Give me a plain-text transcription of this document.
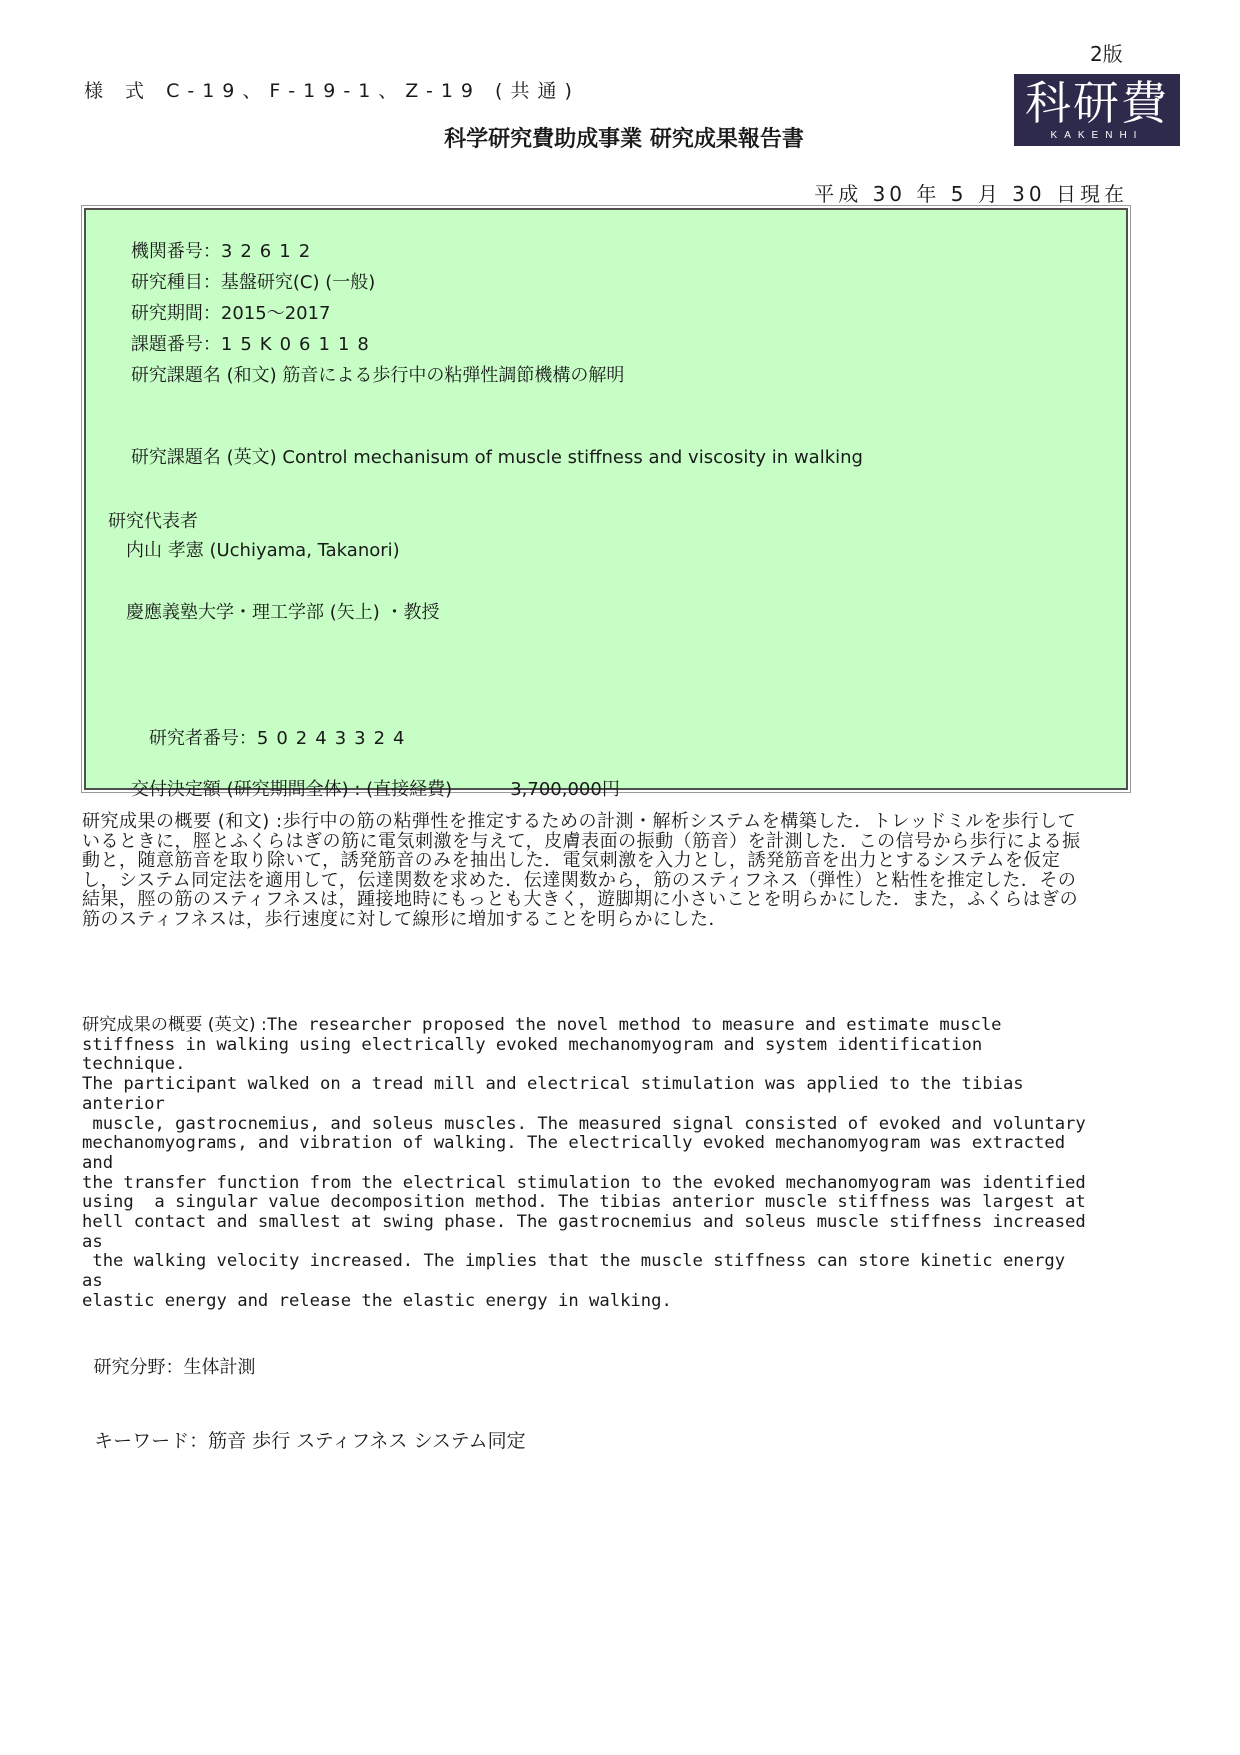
2版
様 式 C-19、F-19-1、Z-19 (共通)	科研費
KAKENHI
科学研究費助成事業 研究成果報告書
平成 30 年 5 月 30 日現在

機関番号：32612

研究種目：基盤研究(C) (一般)

研究期間：2015～2017

課題番号：15K06118

研究課題名 (和文) 筋音による歩行中の粘弾性調節機構の解明

研究課題名 (英文) Control mechanisum of muscle stiffness and viscosity in walking

研究代表者
内山 孝憲 (Uchiyama, Takanori)
慶應義塾大学・理工学部 (矢上) ・教授

研究者番号：50243324

交付決定額 (研究期間全体) : (直接経費)	3,700,000円

研究成果の概要 (和文) :歩行中の筋の粘弾性を推定するための計測・解析システムを構築した．トレッドミルを歩行しているときに，脛とふくらはぎの筋に電気刺激を与えて，皮膚表面の振動（筋音）を計測した．この信号から歩行による振動と，随意筋音を取り除いて，誘発筋音のみを抽出した．電気刺激を入力とし，誘発筋音を出力とするシステムを仮定し，システム同定法を適用して，伝達関数を求めた．伝達関数から，筋のスティフネス（弾性）と粘性を推定した．その結果，脛の筋のスティフネスは，踵接地時にもっとも大きく，遊脚期に小さいことを明らかにした．また，ふくらはぎの筋のスティフネスは，歩行速度に対して線形に増加することを明らかにした．
研究成果の概要 (英文) :The researcher proposed the novel method to measure and estimate muscle
stiffness in walking using electrically evoked mechanomyogram and system identification technique.
The participant walked on a tread mill and electrical stimulation was applied to the tibias anterior
muscle, gastrocnemius, and soleus muscles. The measured signal consisted of evoked and voluntary
mechanomyograms, and vibration of walking. The electrically evoked mechanomyogram was extracted and
the transfer function from the electrical stimulation to the evoked mechanomyogram was identified
using  a singular value decomposition method. The tibias anterior muscle stiffness was largest at
hell contact and smallest at swing phase. The gastrocnemius and soleus muscle stiffness increased as
the walking velocity increased. The implies that the muscle stiffness can store kinetic energy as
elastic energy and release the elastic energy in walking.

研究分野：生体計測

キーワード：筋音 歩行 スティフネス システム同定
